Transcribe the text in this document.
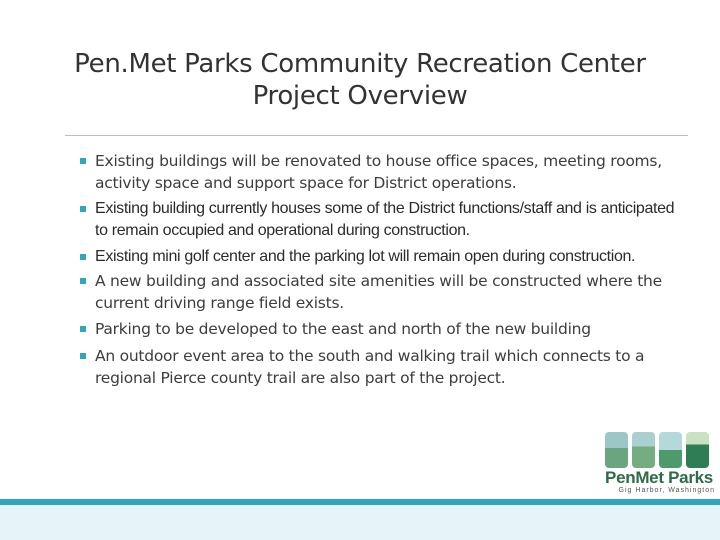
Pen.Met Parks Community Recreation Center
Project Overview
Existing buildings will be renovated to house office spaces, meeting rooms, activity space and support space for District operations.
Existing building currently houses some of the District functions/staff and is anticipated to remain occupied and operational during construction.
Existing mini golf center and the parking lot will remain open during construction.
A new building and associated site amenities will be constructed where the current driving range field exists.
Parking to be developed to the east and north of the new building
An outdoor event area to the south and walking trail which connects to a regional Pierce county trail are also part of the project.
PenMet Parks
Gig Harbor, Washington
